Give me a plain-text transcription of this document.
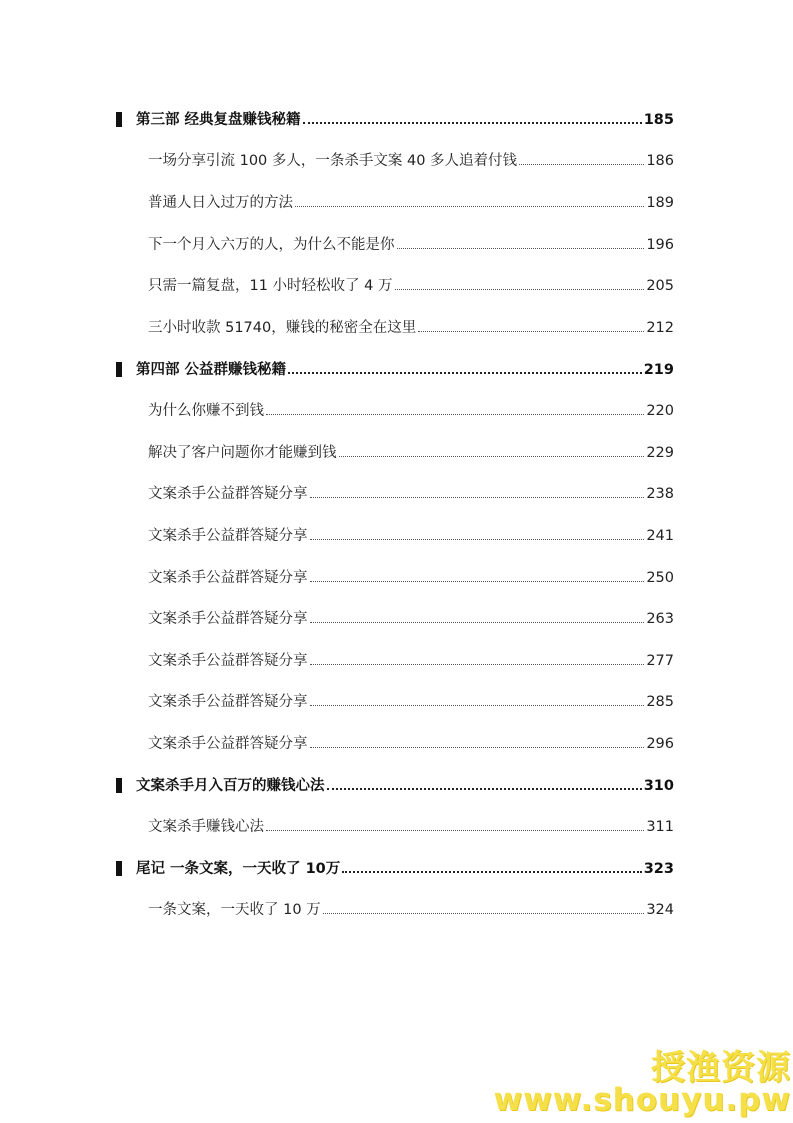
第三部 经典复盘赚钱秘籍	185
一场分享引流 100 多人，一条杀手文案 40 多人追着付钱	186
普通人日入过万的方法	189
下一个月入六万的人，为什么不能是你	196
只需一篇复盘，11 小时轻松收了 4 万	205
三小时收款 51740，赚钱的秘密全在这里	212
第四部 公益群赚钱秘籍	219
为什么你赚不到钱	220
解决了客户问题你才能赚到钱	229
文案杀手公益群答疑分享	238
文案杀手公益群答疑分享	241
文案杀手公益群答疑分享	250
文案杀手公益群答疑分享	263
文案杀手公益群答疑分享	277
文案杀手公益群答疑分享	285
文案杀手公益群答疑分享	296
文案杀手月入百万的赚钱心法	310
文案杀手赚钱心法	311
尾记 一条文案，一天收了 10万	323
一条文案，一天收了 10 万	324
授渔资源
www.shouyu.pw
